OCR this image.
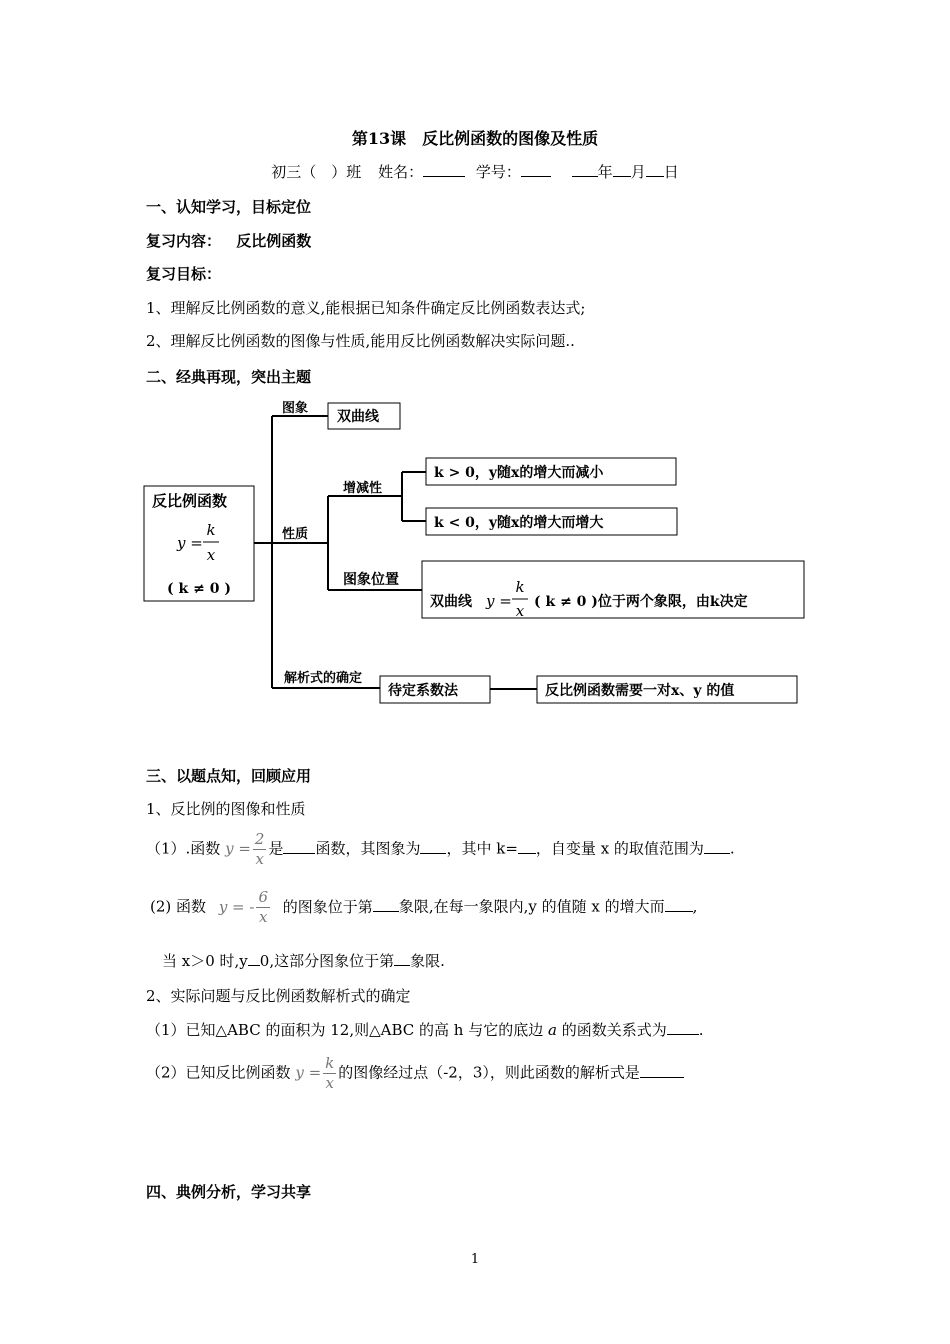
第13课　反比例函数的图像及性质
初三（　）班 姓名：	学号：	年 月 日
一、认知学习，目标定位
复习内容： 反比例函数
复习目标：
1、理解反比例函数的意义,能根据已知条件确定反比例函数表达式;
2、理解反比例函数的图像与性质,能用反比例函数解决实际问题..
二、经典再现，突出主题
反比例函数
y =
k
x
( k ≠ 0 )
图象
双曲线
性质
增减性
k > 0，y随x的增大而减小
k < 0，y随x的增大而增大
图象位置
双曲线 y =
k
x ( k ≠ 0 )位于两个象限，由k决定
解析式的确定
待定系数法	反比例函数需要一对x、y 的值
三、以题点知，回顾应用
1、反比例的图像和性质
（1）.函数 $y = \frac{2}{x}$ 是 函数，其图象为 ，其中 k= ，自变量 x 的取值范围为 .
(2) 函数 y = - $\frac{6}{x}$ 的图象位于第 象限,在每一象限内,y 的值随 x 的增大而 ,
当 x＞0 时,y 0,这部分图象位于第 象限.
2、实际问题与反比例函数解析式的确定
（1）已知△ABC 的面积为 12,则△ABC 的高 h 与它的底边 a 的函数关系式为 .
（2）已知反比例函数 $y = \frac{k}{x}$ 的图像经过点（-2，3），则此函数的解析式是
四、典例分析，学习共享
1
